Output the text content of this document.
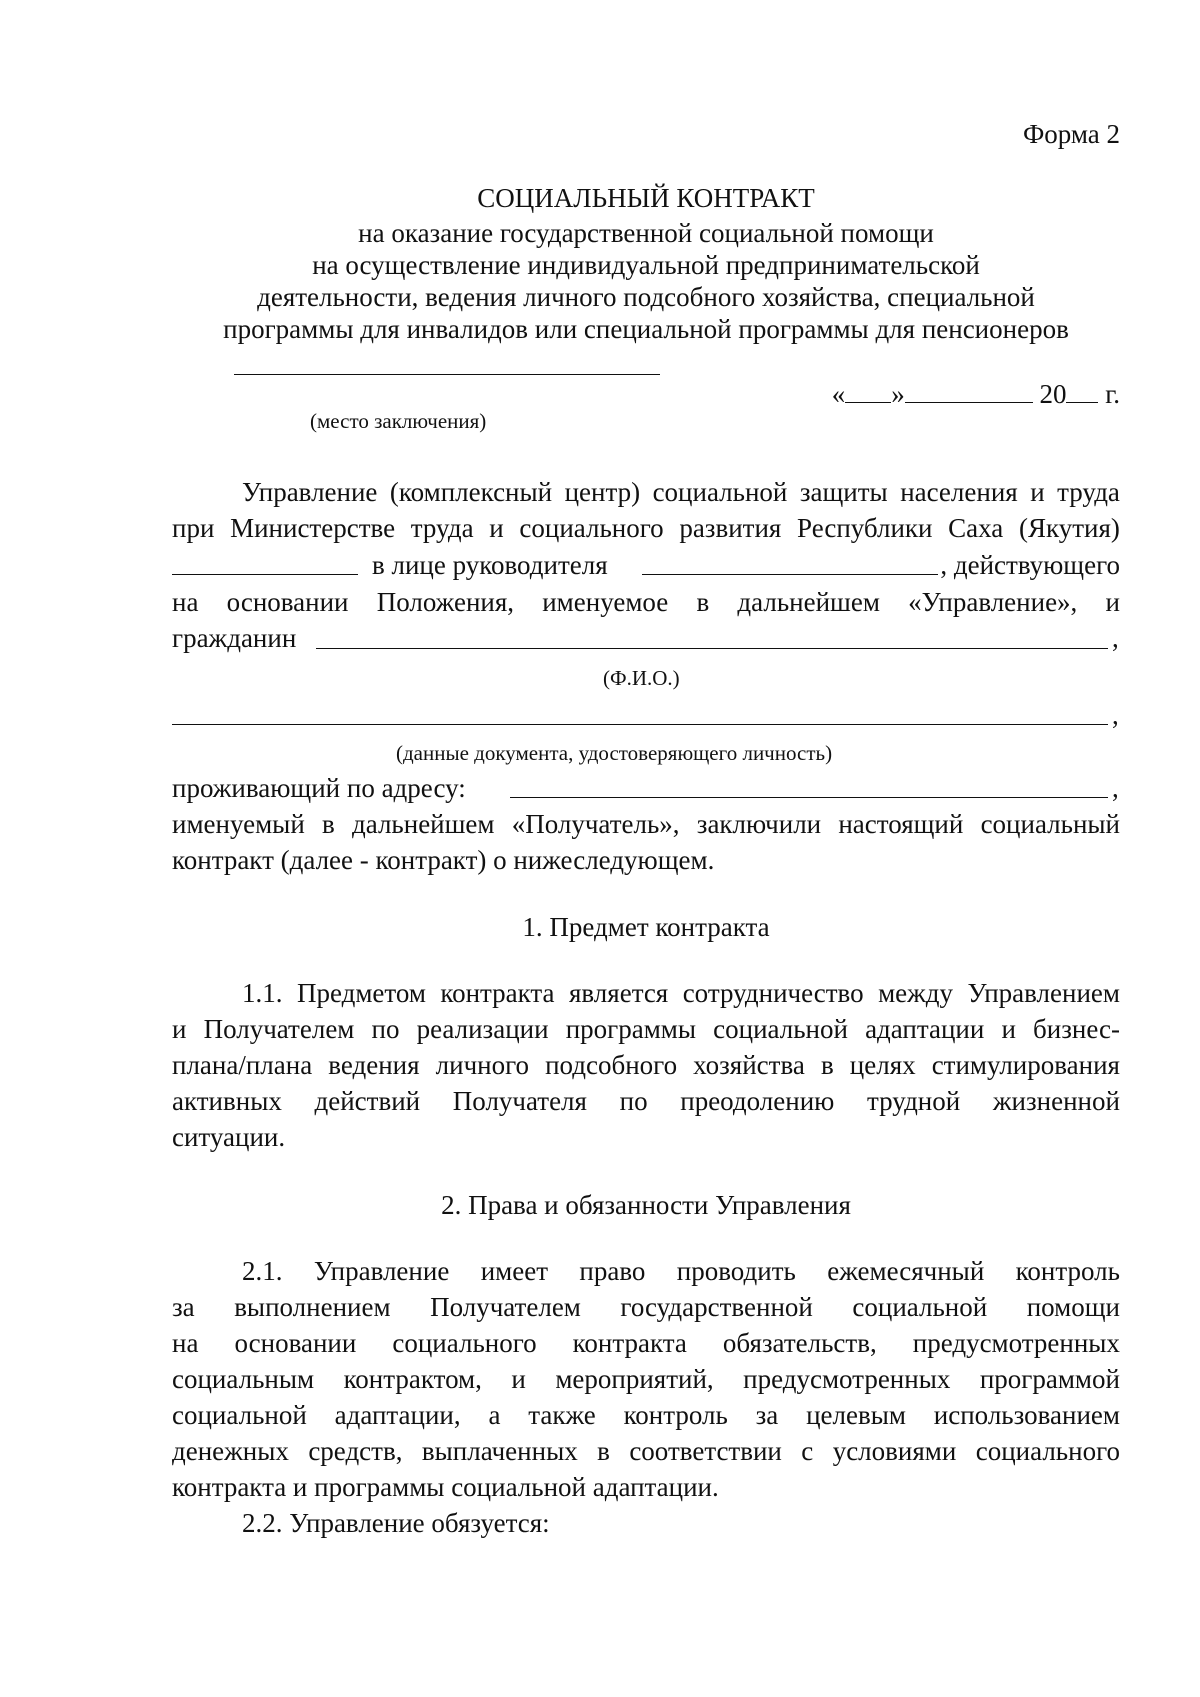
Форма 2
СОЦИАЛЬНЫЙ КОНТРАКТ
на оказание государственной социальной помощи
на осуществление индивидуальной предпринимательской
деятельности, ведения личного подсобного хозяйства, специальной
программы для инвалидов или специальной программы для пенсионеров
(место заключения)
« »	20 г.
Управление (комплексный центр) социальной защиты населения и труда
при Министерстве труда и социального развития Республики Саха (Якутия)
в лице руководителя	, действующего
на основании Положения, именуемое в дальнейшем «Управление», и
гражданин	,
(Ф.И.О.)
,
(данные документа, удостоверяющего личность)
проживающий по адресу:	,
именуемый в дальнейшем «Получатель», заключили настоящий социальный
контракт (далее - контракт) о нижеследующем.
1. Предмет контракта
1.1. Предметом контракта является сотрудничество между Управлением
и Получателем по реализации программы социальной адаптации и бизнес-
плана/плана ведения личного подсобного хозяйства в целях стимулирования
активных действий Получателя по преодолению трудной жизненной
ситуации.
2. Права и обязанности Управления
2.1. Управление имеет право проводить ежемесячный контроль
за выполнением Получателем государственной социальной помощи
на основании социального контракта обязательств, предусмотренных
социальным контрактом, и мероприятий, предусмотренных программой
социальной адаптации, а также контроль за целевым использованием
денежных средств, выплаченных в соответствии с условиями социального
контракта и программы социальной адаптации.
2.2. Управление обязуется:
